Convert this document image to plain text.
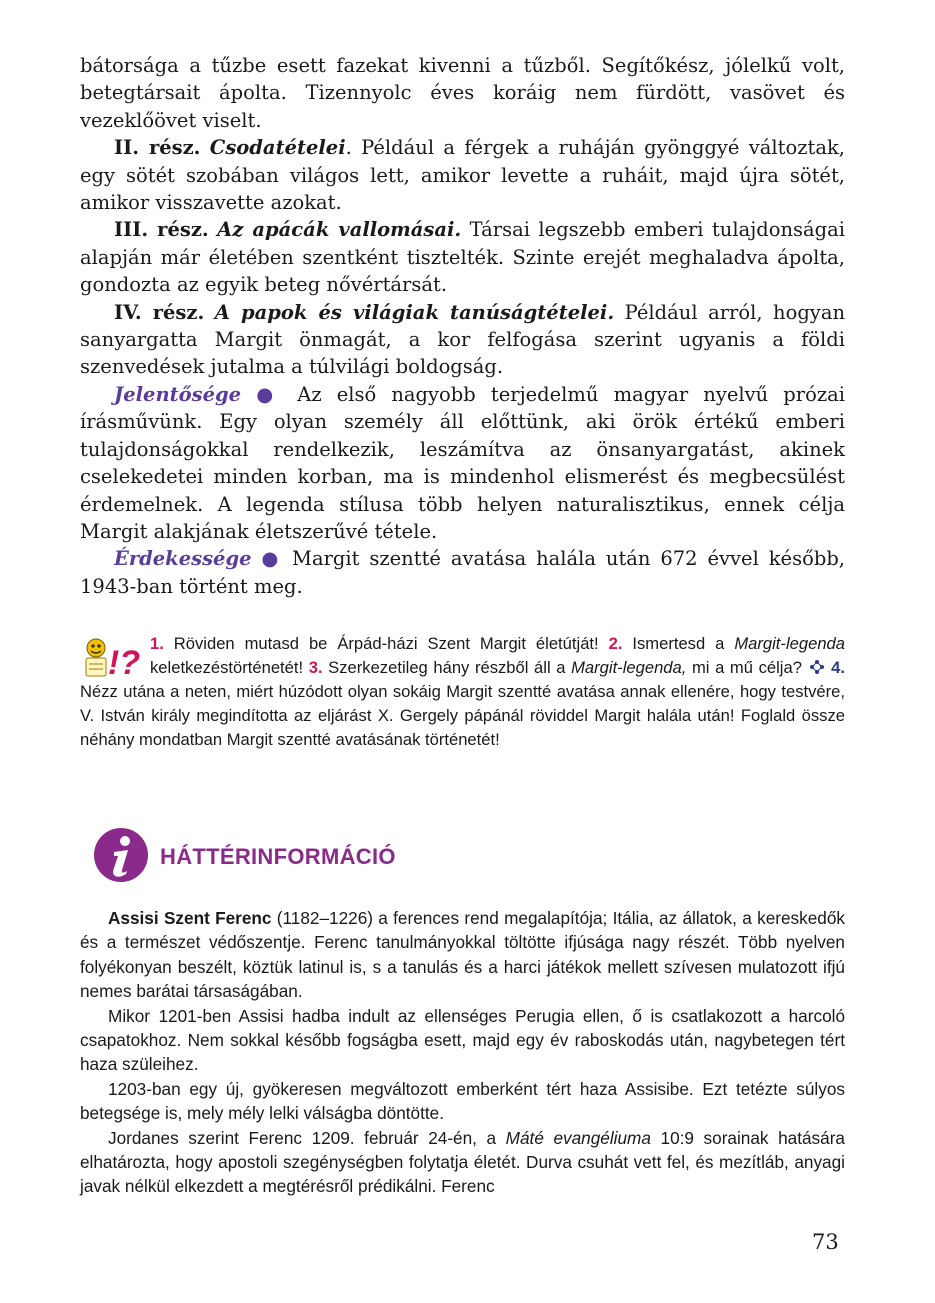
bátorsága a tűzbe esett fazekat kivenni a tűzből. Segítőkész, jólelkű volt, betegtársait ápolta. Tizennyolc éves koráig nem fürdött, vasövet és vezeklőövet viselt.

II. rész. Csodatételei. Például a férgek a ruháján gyönggyé változtak, egy sötét szobában világos lett, amikor levette a ruháit, majd újra sötét, amikor visszavette azokat.

III. rész. Az apácák vallomásai. Társai legszebb emberi tulajdonságai alapján már életében szentként tisztelték. Szinte erejét meghaladva ápolta, gondozta az egyik beteg nővértársát.

IV. rész. A papok és világiak tanúságtételei. Például arról, hogyan sanyargatta Margit önmagát, a kor felfogása szerint ugyanis a földi szenvedések jutalma a túlvilági boldogság.

Jelentősége ● Az első nagyobb terjedelmű magyar nyelvű prózai írásművünk. Egy olyan személy áll előttünk, aki örök értékű emberi tulajdonságokkal rendelkezik, leszámítva az önsanyargatást, akinek cselekedetei minden korban, ma is mindenhol elismerést és megbecsülést érdemelnek. A legenda stílusa több helyen naturalisztikus, ennek célja Margit alakjának életszerűvé tétele.

Érdekessége ● Margit szentté avatása halála után 672 évvel később, 1943-ban történt meg.

!?

1. Röviden mutasd be Árpád-házi Szent Margit életútját! 2. Ismertesd a Margit-legenda keletkezéstörténetét! 3. Szerkezetileg hány részből áll a Margit-legenda, mi a mű célja?  4. Nézz utána a neten, miért húzódott olyan sokáig Margit szentté avatása annak ellenére, hogy testvére, V. István király megindította az eljárást X. Gergely pápánál röviddel Margit halála után! Foglald össze néhány mondatban Margit szentté avatásának történetét!

HÁTTÉRINFORMÁCIÓ

Assisi Szent Ferenc (1182–1226) a ferences rend megalapítója; Itália, az állatok, a kereskedők és a természet védőszentje. Ferenc tanulmányokkal töltötte ifjúsága nagy részét. Több nyelven folyékonyan beszélt, köztük latinul is, s a tanulás és a harci játékok mellett szívesen mulatozott ifjú nemes barátai társaságában.

Mikor 1201-ben Assisi hadba indult az ellenséges Perugia ellen, ő is csatlakozott a harcoló csapatokhoz. Nem sokkal később fogságba esett, majd egy év raboskodás után, nagybetegen tért haza szüleihez.

1203-ban egy új, gyökeresen megváltozott emberként tért haza Assisibe. Ezt tetézte súlyos betegsége is, mely mély lelki válságba döntötte.

Jordanes szerint Ferenc 1209. február 24-én, a Máté evangéliuma 10:9 sorainak hatására elhatározta, hogy apostoli szegénységben folytatja életét. Durva csuhát vett fel, és mezítláb, anyagi javak nélkül elkezdett a megtérésről prédikálni. Ferenc

73
